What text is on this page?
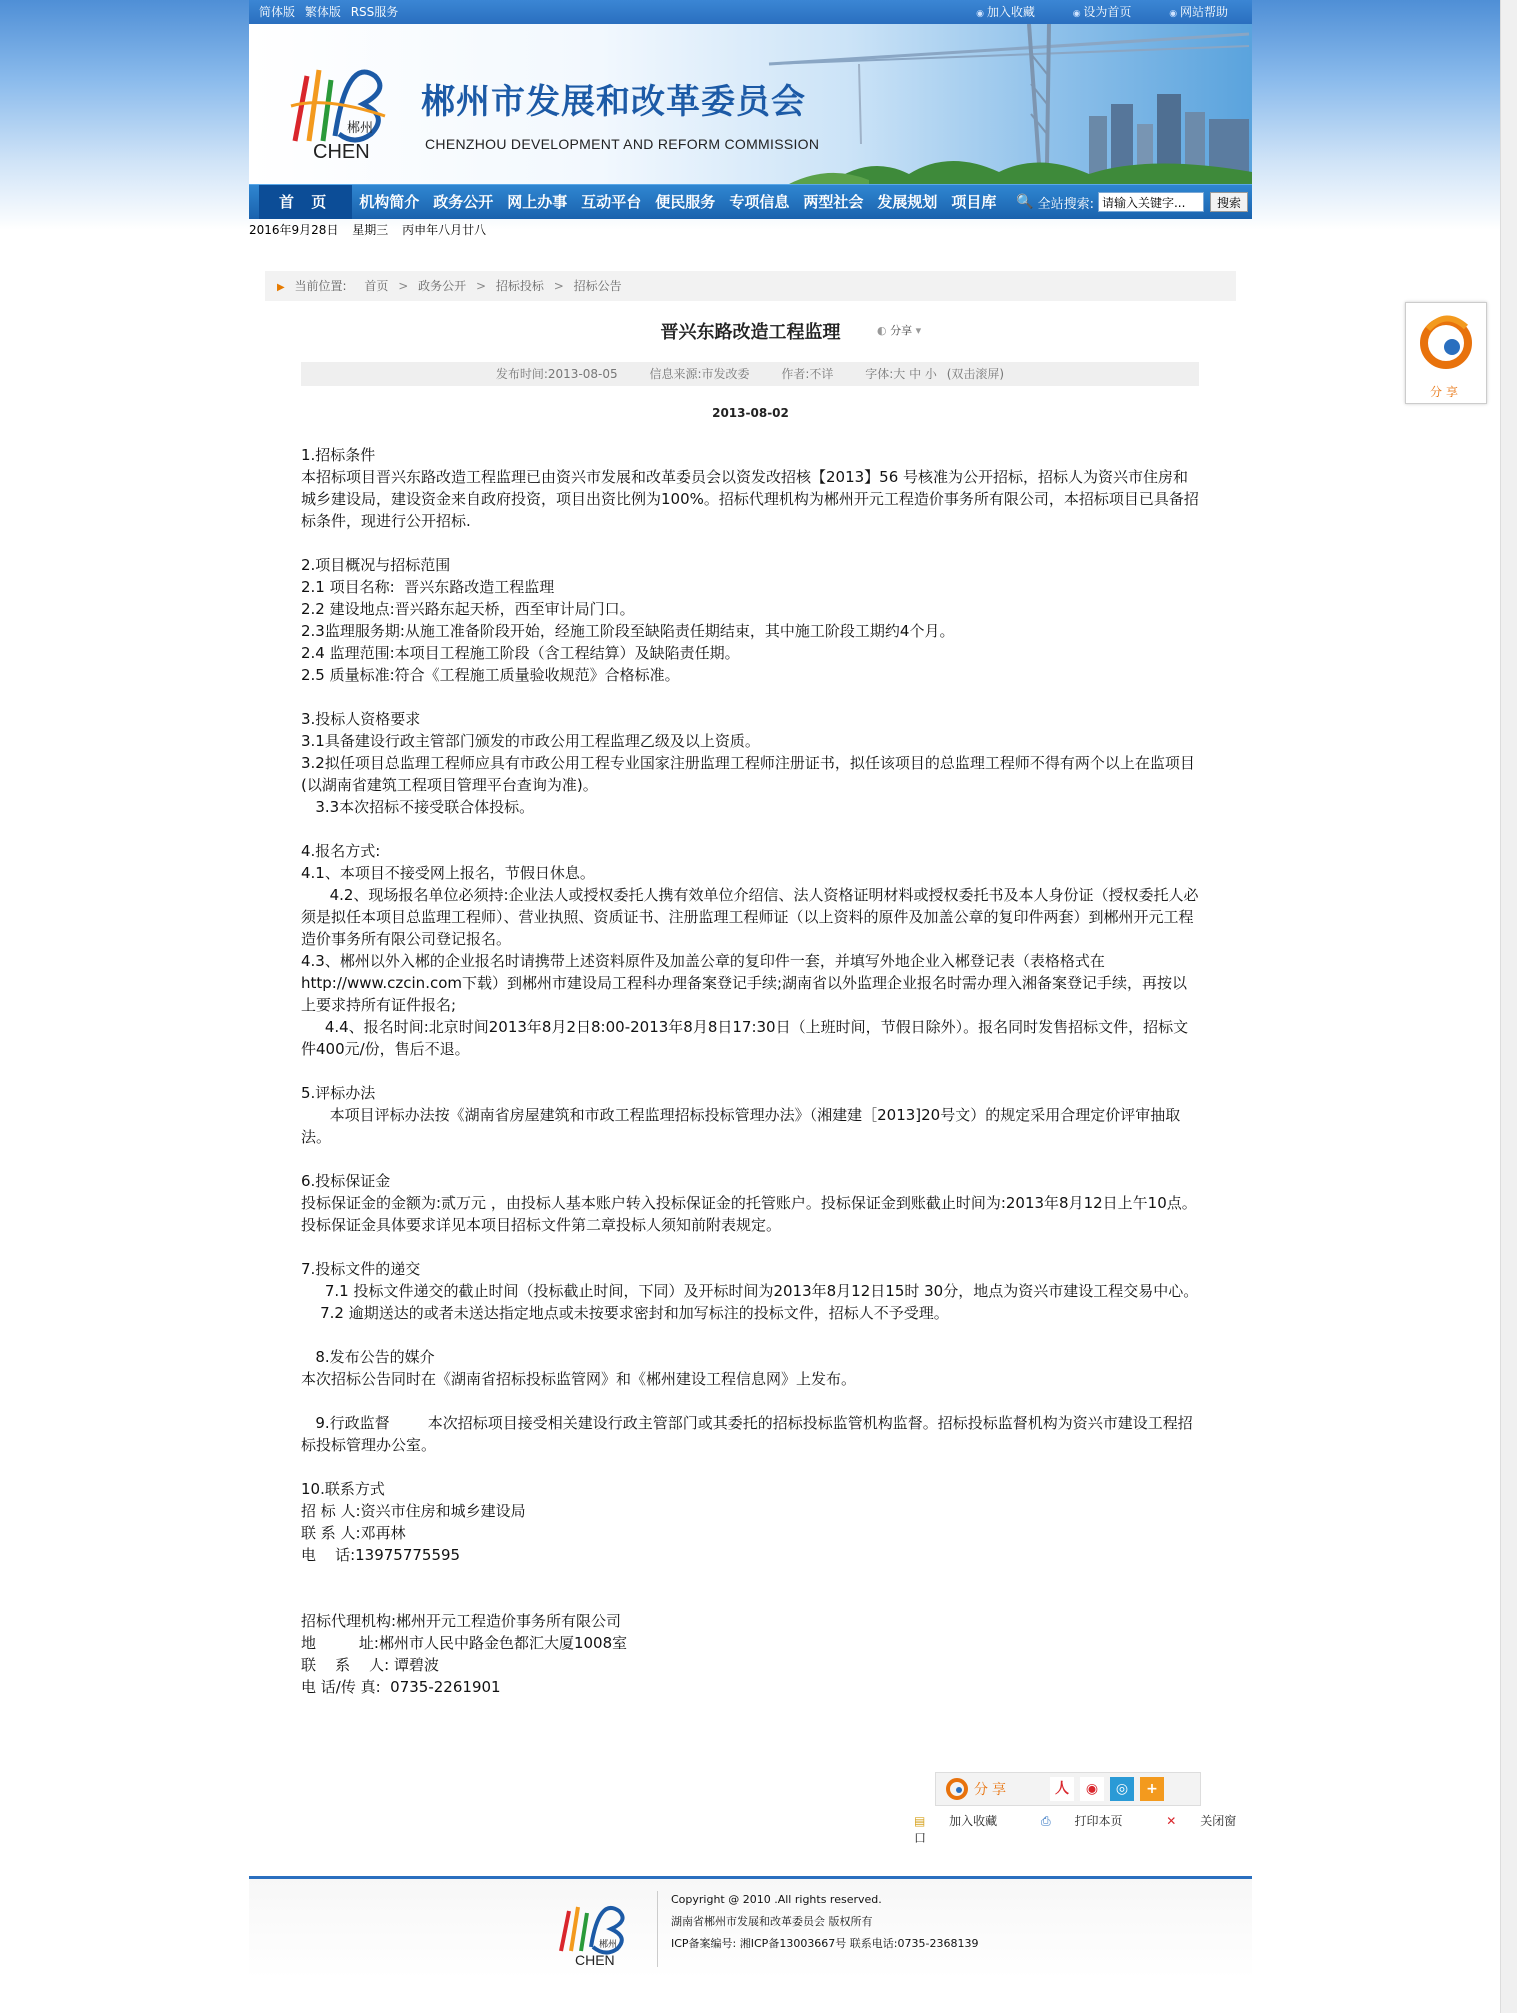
简体版 繁体版 RSS服务	◉ 加入收藏	◉ 设为首页	◉ 网站帮助
郴州
CHEN
郴州市发展和改革委员会
CHENZHOU DEVELOPMENT AND REFORM COMMISSION
首 页	机构简介 政务公开 网上办事 互动平台 便民服务 专项信息 两型社会 发展规划 项目库	🔍 全站搜索:
请输入关键字...	搜索
2016年9月28日 星期三 丙申年八月廿八
▶ 当前位置: 首页 > 政务公开 > 招标投标 > 招标公告
晋兴东路改造工程监理	◐ 分享 ▾
发布时间:2013-08-05	信息来源:市发改委	作者:不详	字体:大 中 小 (双击滚屏)
2013-08-02

1.招标条件

本招标项目晋兴东路改造工程监理已由资兴市发展和改革委员会以资发改招核【2013】56 号核准为公开招标，招标人为资兴市住房和城乡建设局，建设资金来自政府投资，项目出资比例为100%。招标代理机构为郴州开元工程造价事务所有限公司，本招标项目已具备招标条件，现进行公开招标.

2.项目概况与招标范围

2.1 项目名称:  晋兴东路改造工程监理

2.2 建设地点:晋兴路东起天桥，西至审计局门口。

2.3监理服务期:从施工准备阶段开始，经施工阶段至缺陷责任期结束，其中施工阶段工期约4个月。

2.4 监理范围:本项目工程施工阶段（含工程结算）及缺陷责任期。

2.5 质量标准:符合《工程施工质量验收规范》合格标准。

3.投标人资格要求

3.1具备建设行政主管部门颁发的市政公用工程监理乙级及以上资质。

3.2拟任项目总监理工程师应具有市政公用工程专业国家注册监理工程师注册证书，拟任该项目的总监理工程师不得有两个以上在监项目(以湖南省建筑工程项目管理平台查询为准)。

3.3本次招标不接受联合体投标。

4.报名方式:

4.1、本项目不接受网上报名，节假日休息。

4.2、现场报名单位必须持:企业法人或授权委托人携有效单位介绍信、法人资格证明材料或授权委托书及本人身份证（授权委托人必须是拟任本项目总监理工程师）、营业执照、资质证书、注册监理工程师证（以上资料的原件及加盖公章的复印件两套）到郴州开元工程造价事务所有限公司登记报名。

4.3、郴州以外入郴的企业报名时请携带上述资料原件及加盖公章的复印件一套，并填写外地企业入郴登记表（表格格式在http://www.czcin.com下载）到郴州市建设局工程科办理备案登记手续;湖南省以外监理企业报名时需办理入湘备案登记手续，再按以上要求持所有证件报名;

4.4、报名时间:北京时间2013年8月2日8:00-2013年8月8日17:30日（上班时间，节假日除外）。报名同时发售招标文件，招标文件400元/份，售后不退。

5.评标办法

本项目评标办法按《湖南省房屋建筑和市政工程监理招标投标管理办法》（湘建建［2013]20号文）的规定采用合理定价评审抽取法。

6.投标保证金

投标保证金的金额为:贰万元 ，由投标人基本账户转入投标保证金的托管账户。投标保证金到账截止时间为:2013年8月12日上午10点。投标保证金具体要求详见本项目招标文件第二章投标人须知前附表规定。

7.投标文件的递交

7.1 投标文件递交的截止时间（投标截止时间，下同）及开标时间为2013年8月12日15时 30分，地点为资兴市建设工程交易中心。

7.2 逾期送达的或者未送达指定地点或未按要求密封和加写标注的投标文件，招标人不予受理。

8.发布公告的媒介

本次招标公告同时在《湖南省招标投标监管网》和《郴州建设工程信息网》上发布。

9.行政监督        本次招标项目接受相关建设行政主管部门或其委托的招标投标监管机构监督。招标投标监督机构为资兴市建设工程招标投标管理办公室。

10.联系方式

招 标 人:资兴市住房和城乡建设局

联 系 人:邓再林

电    话:13975775595

招标代理机构:郴州开元工程造价事务所有限公司

地         址:郴州市人民中路金色都汇大厦1008室

联    系    人: 谭碧波

电 话/传 真:  0735-2261901

分享	人	◉	◎	+
▤ 加入收藏	⎙ 打印本页	✕ 关闭窗口
郴州
CHEN
Copyright @ 2010 .All rights reserved.
湖南省郴州市发展和改革委员会 版权所有
ICP备案编号: 湘ICP备13003667号 联系电话:0735-2368139
分享
